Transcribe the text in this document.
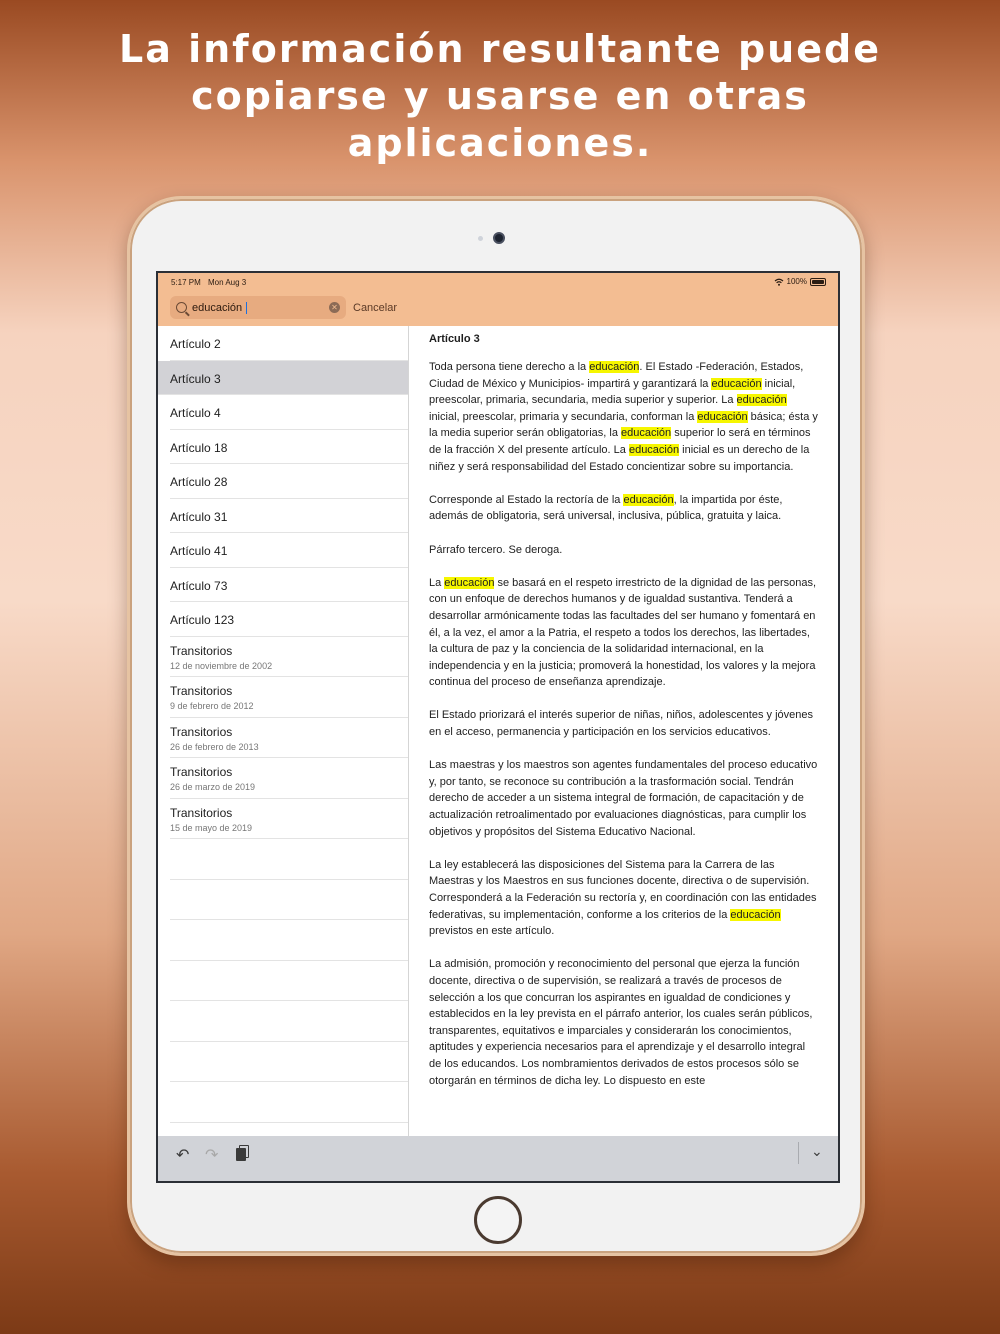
La información resultante puede
copiarse y usarse en otras
aplicaciones.
5:17 PM Mon Aug 3	100%
educación	✕ Cancelar
Artículo 2
Artículo 3
Artículo 4
Artículo 18
Artículo 28
Artículo 31
Artículo 41
Artículo 73
Artículo 123
Transitorios
12 de noviembre de 2002
Transitorios
9 de febrero de 2012
Transitorios
26 de febrero de 2013
Transitorios
26 de marzo de 2019
Transitorios
15 de mayo de 2019
Artículo 3

Toda persona tiene derecho a la educación. El Estado -Federación, Estados, Ciudad de México y Municipios- impartirá y garantizará la educación inicial, preescolar, primaria, secundaria, media superior y superior. La educación inicial, preescolar, primaria y secundaria, conforman la educación básica; ésta y la media superior serán obligatorias, la educación superior lo será en términos de la fracción X del presente artículo. La educación inicial es un derecho de la niñez y será responsabilidad del Estado concientizar sobre su importancia.

Corresponde al Estado la rectoría de la educación, la impartida por éste, además de obligatoria, será universal, inclusiva, pública, gratuita y laica.

Párrafo tercero. Se deroga.

La educación se basará en el respeto irrestricto de la dignidad de las personas, con un enfoque de derechos humanos y de igualdad sustantiva. Tenderá a desarrollar armónicamente todas las facultades del ser humano y fomentará en él, a la vez, el amor a la Patria, el respeto a todos los derechos, las libertades, la cultura de paz y la conciencia de la solidaridad internacional, en la independencia y en la justicia; promoverá la honestidad, los valores y la mejora continua del proceso de enseñanza aprendizaje.

El Estado priorizará el interés superior de niñas, niños, adolescentes y jóvenes en el acceso, permanencia y participación en los servicios educativos.

Las maestras y los maestros son agentes fundamentales del proceso educativo y, por tanto, se reconoce su contribución a la trasformación social. Tendrán derecho de acceder a un sistema integral de formación, de capacitación y de actualización retroalimentado por evaluaciones diagnósticas, para cumplir los objetivos y propósitos del Sistema Educativo Nacional.

La ley establecerá las disposiciones del Sistema para la Carrera de las Maestras y los Maestros en sus funciones docente, directiva o de supervisión. Corresponderá a la Federación su rectoría y, en coordinación con las entidades federativas, su implementación, conforme a los criterios de la educación previstos en este artículo.

La admisión, promoción y reconocimiento del personal que ejerza la función docente, directiva o de supervisión, se realizará a través de procesos de selección a los que concurran los aspirantes en igualdad de condiciones y establecidos en la ley prevista en el párrafo anterior, los cuales serán públicos, transparentes, equitativos e imparciales y considerarán los conocimientos, aptitudes y experiencia necesarios para el aprendizaje y el desarrollo integral de los educandos. Los nombramientos derivados de estos procesos sólo se otorgarán en términos de dicha ley. Lo dispuesto en este

↶ ↷	⌄
